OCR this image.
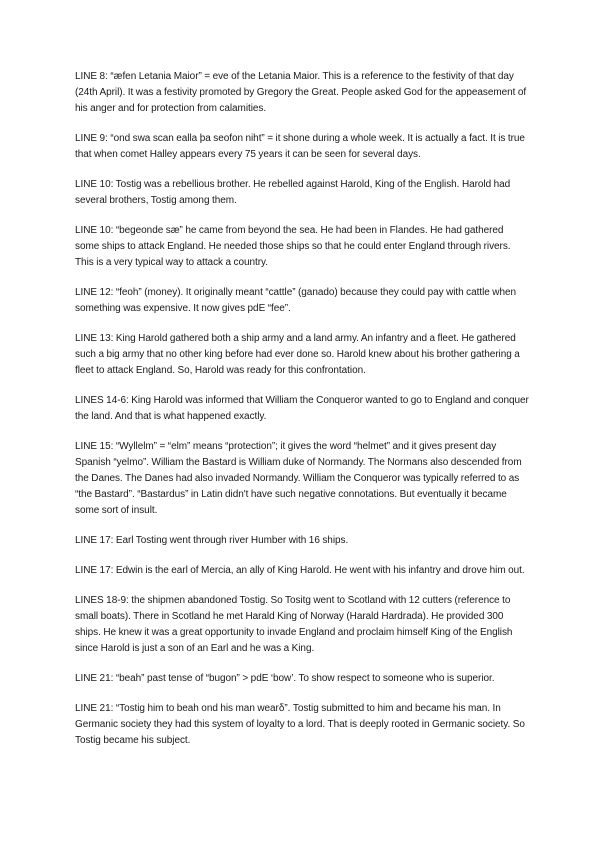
LINE 8: “æfen Letania Maior” = eve of the Letania Maior. This is a reference to the festivity of that day (24th April). It was a festivity promoted by Gregory the Great. People asked God for the appeasement of his anger and for protection from calamities.

LINE 9: “ond swa scan ealla þa seofon niht” = it shone during a whole week. It is actually a fact. It is true that when comet Halley appears every 75 years it can be seen for several days.

LINE 10: Tostig was a rebellious brother. He rebelled against Harold, King of the English. Harold had several brothers, Tostig among them.

LINE 10: “begeonde sæ” he came from beyond the sea. He had been in Flandes. He had gathered some ships to attack England. He needed those ships so that he could enter England through rivers. This is a very typical way to attack a country.

LINE 12: “feoh” (money). It originally meant “cattle” (ganado) because they could pay with cattle when something was expensive. It now gives pdE “fee”.

LINE 13: King Harold gathered both a ship army and a land army. An infantry and a fleet. He gathered such a big army that no other king before had ever done so. Harold knew about his brother gathering a fleet to attack England. So, Harold was ready for this confrontation.

LINES 14-6: King Harold was informed that William the Conqueror wanted to go to England and conquer the land. And that is what happened exactly.

LINE 15: “Wyllelm” = “elm” means “protection”; it gives the word “helmet” and it gives present day Spanish “yelmo”. William the Bastard is William duke of Normandy. The Normans also descended from the Danes. The Danes had also invaded Normandy. William the Conqueror was typically referred to as “the Bastard”. “Bastardus” in Latin didn't have such negative connotations. But eventually it became some sort of insult.

LINE 17: Earl Tosting went through river Humber with 16 ships.

LINE 17: Edwin is the earl of Mercia, an ally of King Harold. He went with his infantry and drove him out.

LINES 18-9: the shipmen abandoned Tostig. So Tositg went to Scotland with 12 cutters (reference to small boats). There in Scotland he met Harald King of Norway (Harald Hardrada). He provided 300 ships. He knew it was a great opportunity to invade England and proclaim himself King of the English since Harold is just a son of an Earl and he was a King.

LINE 21: “beah” past tense of “bugon” > pdE ‘bow’. To show respect to someone who is superior.

LINE 21: “Tostig him to beah ond his man wearδ”. Tostig submitted to him and became his man. In Germanic society they had this system of loyalty to a lord. That is deeply rooted in Germanic society. So Tostig became his subject.
